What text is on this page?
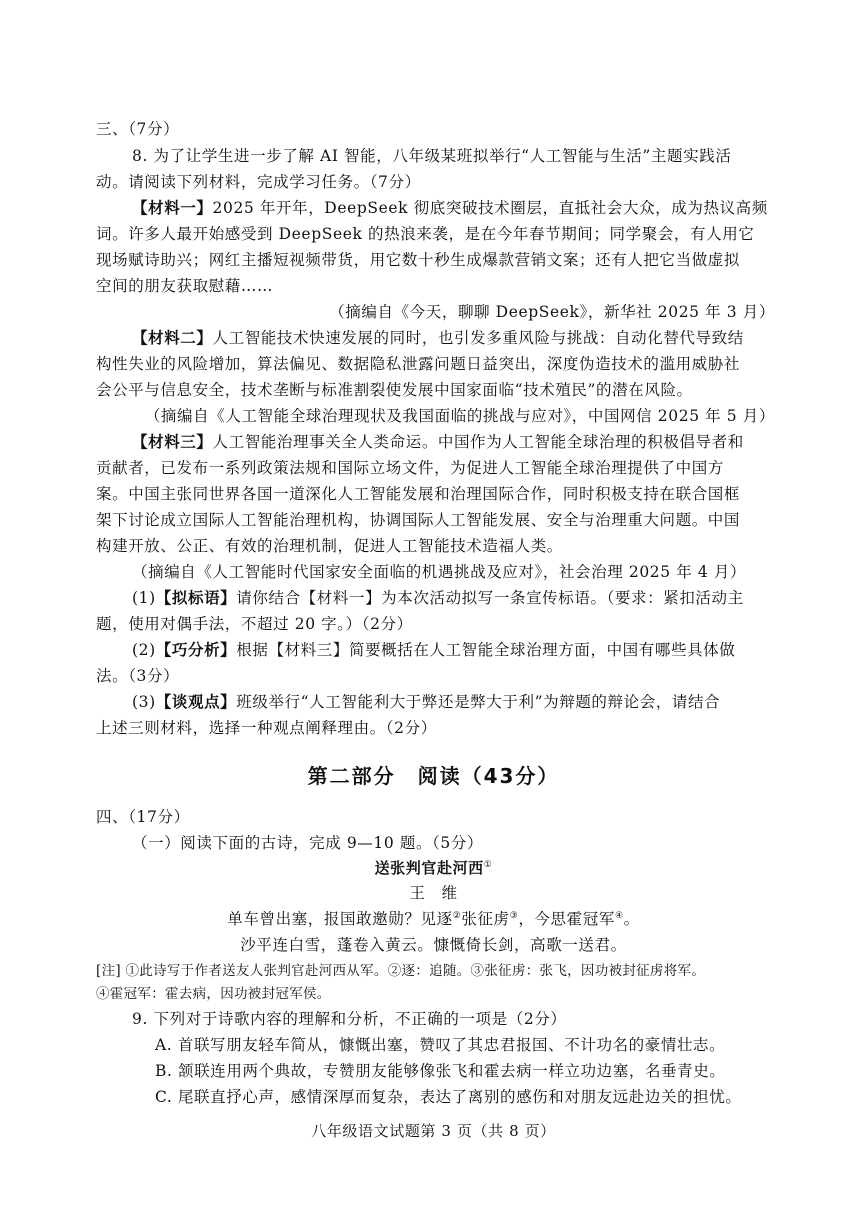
三、（7分）
8. 为了让学生进一步了解 AI 智能，八年级某班拟举行“人工智能与生活”主题实践活
动。请阅读下列材料，完成学习任务。（7分）
【材料一】2025 年开年，DeepSeek 彻底突破技术圈层，直抵社会大众，成为热议高频
词。许多人最开始感受到 DeepSeek 的热浪来袭，是在今年春节期间；同学聚会，有人用它
现场赋诗助兴；网红主播短视频带货，用它数十秒生成爆款营销文案；还有人把它当做虚拟
空间的朋友获取慰藉……
（摘编自《今天，聊聊 DeepSeek》，新华社 2025 年 3 月）
【材料二】人工智能技术快速发展的同时，也引发多重风险与挑战：自动化替代导致结
构性失业的风险增加，算法偏见、数据隐私泄露问题日益突出，深度伪造技术的滥用威胁社
会公平与信息安全，技术垄断与标准割裂使发展中国家面临“技术殖民”的潜在风险。
（摘编自《人工智能全球治理现状及我国面临的挑战与应对》，中国网信 2025 年 5 月）
【材料三】人工智能治理事关全人类命运。中国作为人工智能全球治理的积极倡导者和
贡献者，已发布一系列政策法规和国际立场文件，为促进人工智能全球治理提供了中国方
案。中国主张同世界各国一道深化人工智能发展和治理国际合作，同时积极支持在联合国框
架下讨论成立国际人工智能治理机构，协调国际人工智能发展、安全与治理重大问题。中国
构建开放、公正、有效的治理机制，促进人工智能技术造福人类。
（摘编自《人工智能时代国家安全面临的机遇挑战及应对》，社会治理 2025 年 4 月）
(1)【拟标语】请你结合【材料一】为本次活动拟写一条宣传标语。（要求：紧扣活动主
题，使用对偶手法，不超过 20 字。）（2分）
(2)【巧分析】根据【材料三】简要概括在人工智能全球治理方面，中国有哪些具体做
法。（3分）
(3)【谈观点】班级举行“人工智能利大于弊还是弊大于利”为辩题的辩论会，请结合
上述三则材料，选择一种观点阐释理由。（2分）
第二部分　阅读（43分）
四、（17分）
（一）阅读下面的古诗，完成 9—10 题。（5分）
送张判官赴河西①
王　维
单车曾出塞，报国敢邀勋？见逐②张征虏③，今思霍冠军④。
沙平连白雪，蓬卷入黄云。慷慨倚长剑，高歌一送君。
[注] ①此诗写于作者送友人张判官赴河西从军。②逐：追随。③张征虏：张飞，因功被封征虏将军。
④霍冠军：霍去病，因功被封冠军侯。
9. 下列对于诗歌内容的理解和分析，不正确的一项是（2分）
A. 首联写朋友轻车简从，慷慨出塞，赞叹了其忠君报国、不计功名的豪情壮志。
B. 颔联连用两个典故，专赞朋友能够像张飞和霍去病一样立功边塞，名垂青史。
C. 尾联直抒心声，感情深厚而复杂，表达了离别的感伤和对朋友远赴边关的担忧。
八年级语文试题第 3 页（共 8 页）
